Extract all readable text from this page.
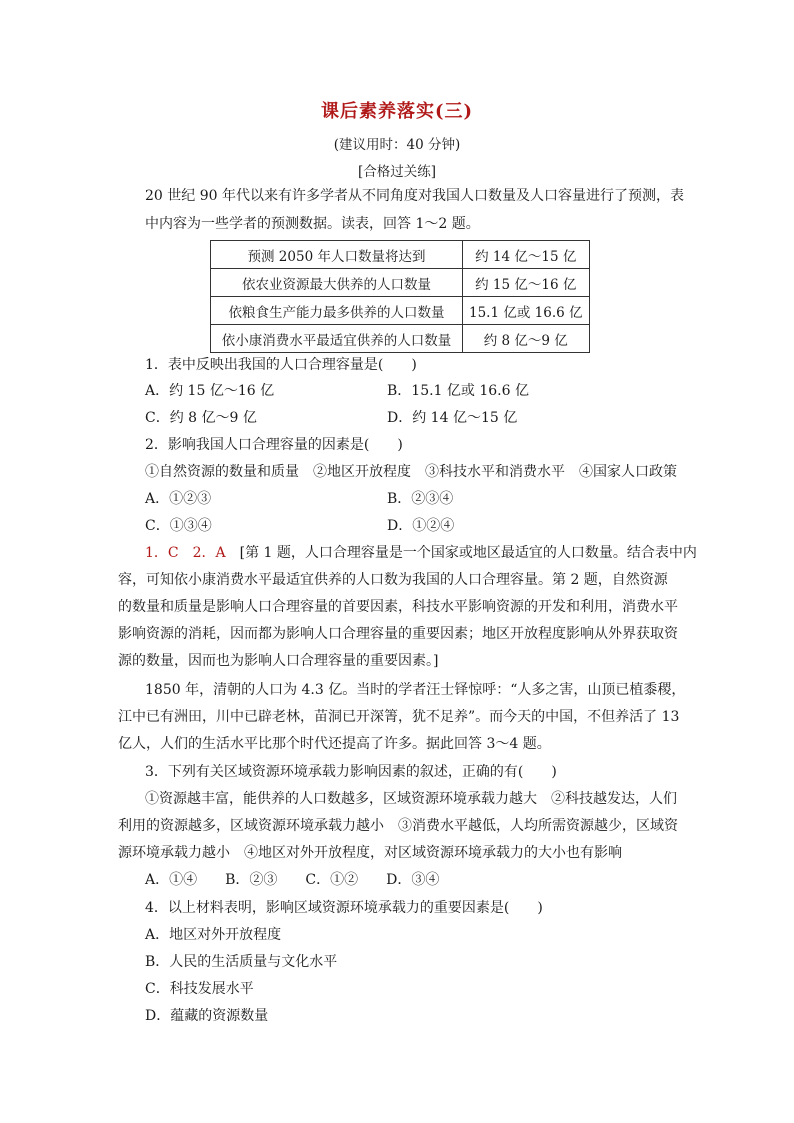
课后素养落实(三)
(建议用时：40 分钟)
[合格过关练]
20 世纪 90 年代以来有许多学者从不同角度对我国人口数量及人口容量进行了预测，表
中内容为一些学者的预测数据。读表，回答 1～2 题。
预测 2050 年人口数量将达到	约 14 亿～15 亿
依农业资源最大供养的人口数量	约 15 亿～16 亿
依粮食生产能力最多供养的人口数量	15.1 亿或 16.6 亿
依小康消费水平最适宜供养的人口数量	约 8 亿～9 亿
1．表中反映出我国的人口合理容量是(　　)
A．约 15 亿～16 亿	B．15.1 亿或 16.6 亿
C．约 8 亿～9 亿	D．约 14 亿～15 亿
2．影响我国人口合理容量的因素是(　　)
①自然资源的数量和质量　②地区开放程度　③科技水平和消费水平　④国家人口政策
A．①②③	B．②③④
C．①③④	D．①②④
1．C　2．A  [第 1 题，人口合理容量是一个国家或地区最适宜的人口数量。结合表中内
容，可知依小康消费水平最适宜供养的人口数为我国的人口合理容量。第 2 题，自然资源
的数量和质量是影响人口合理容量的首要因素，科技水平影响资源的开发和利用，消费水平
影响资源的消耗，因而都为影响人口合理容量的重要因素；地区开放程度影响从外界获取资
源的数量，因而也为影响人口合理容量的重要因素。]
1850 年，清朝的人口为 4.3 亿。当时的学者汪士铎惊呼：“人多之害，山顶已植黍稷，
江中已有洲田，川中已辟老林，苗洞已开深箐，犹不足养”。而今天的中国，不但养活了 13
亿人，人们的生活水平比那个时代还提高了许多。据此回答 3～4 题。
3．下列有关区域资源环境承载力影响因素的叙述，正确的有(　　)
①资源越丰富，能供养的人口数越多，区域资源环境承载力越大　②科技越发达，人们
利用的资源越多，区域资源环境承载力越小　③消费水平越低，人均所需资源越少，区域资
源环境承载力越小　④地区对外开放程度，对区域资源环境承载力的大小也有影响
A．①④　　B．②③　　C．①②　　D．③④
4．以上材料表明，影响区域资源环境承载力的重要因素是(　　)
A．地区对外开放程度
B．人民的生活质量与文化水平
C．科技发展水平
D．蕴藏的资源数量
